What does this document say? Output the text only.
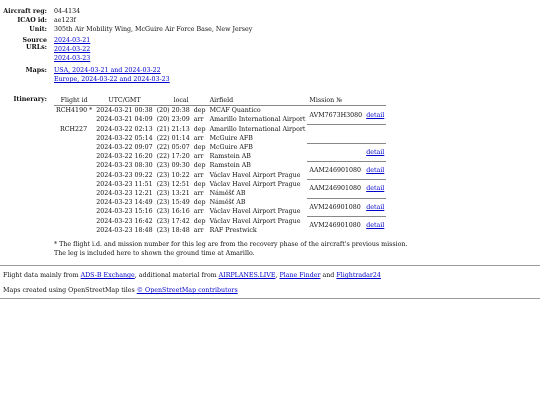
Aircraft reg: 04-4134
ICAO id: ae123f
Unit: 305th Air Mobility Wing, McGuire Air Force Base, New Jersey
Source URLs:
2024-03-21
2024-03-22
2024-03-23
Maps: USA, 2024-03-21 and 2024-03-22
Europe, 2024-03-22 and 2024-03-23
Itinerary: Flight id	UTC/GMT	local		Airfield	Mission №	
RCH4190 *	2024-03-21 00:38	(20) 20:38	dep	MCAF Quantico	AVM7673H3080	detail
	2024-03-21 04:09	(20) 23:09	arr	Amarillo International Airport		
RCH227	2024-03-22 02:13	(21) 21:13	dep	Amarillo International Airport		
	2024-03-22 05:14	(22) 01:14	arr	McGuire AFB		
	2024-03-22 09:07	(22) 05:07	dep	McGuire AFB		detail
	2024-03-22 16:20	(22) 17:20	arr	Ramstein AB		
	2024-03-23 08:30	(23) 09:30	dep	Ramstein AB	AAM246901080	detail
	2024-03-23 09:22	(23) 10:22	arr	Václav Havel Airport Prague		
	2024-03-23 11:51	(23) 12:51	dep	Václav Havel Airport Prague	AAM246901080	detail
	2024-03-23 12:21	(23) 13:21	arr	Náměšť AB		
	2024-03-23 14:49	(23) 15:49	dep	Náměšť AB	AVM246901080	detail
	2024-03-23 15:16	(23) 16:16	arr	Václav Havel Airport Prague		
	2024-03-23 16:42	(23) 17:42	dep	Václav Havel Airport Prague	AVM246901080	detail
	2024-03-23 18:48	(23) 18:48	arr	RAF Prestwick		
* The flight i.d. and mission number for this leg are from the recovery phase of the aircraft's previous mission.
The leg is included here to shown the ground time at Amarillo.
Flight data mainly from ADS-B Exchange, additional material from AIRPLANES.LIVE, Plane Finder and Flightradar24
Maps created using OpenStreetMap tiles © OpenStreetMap contributors
